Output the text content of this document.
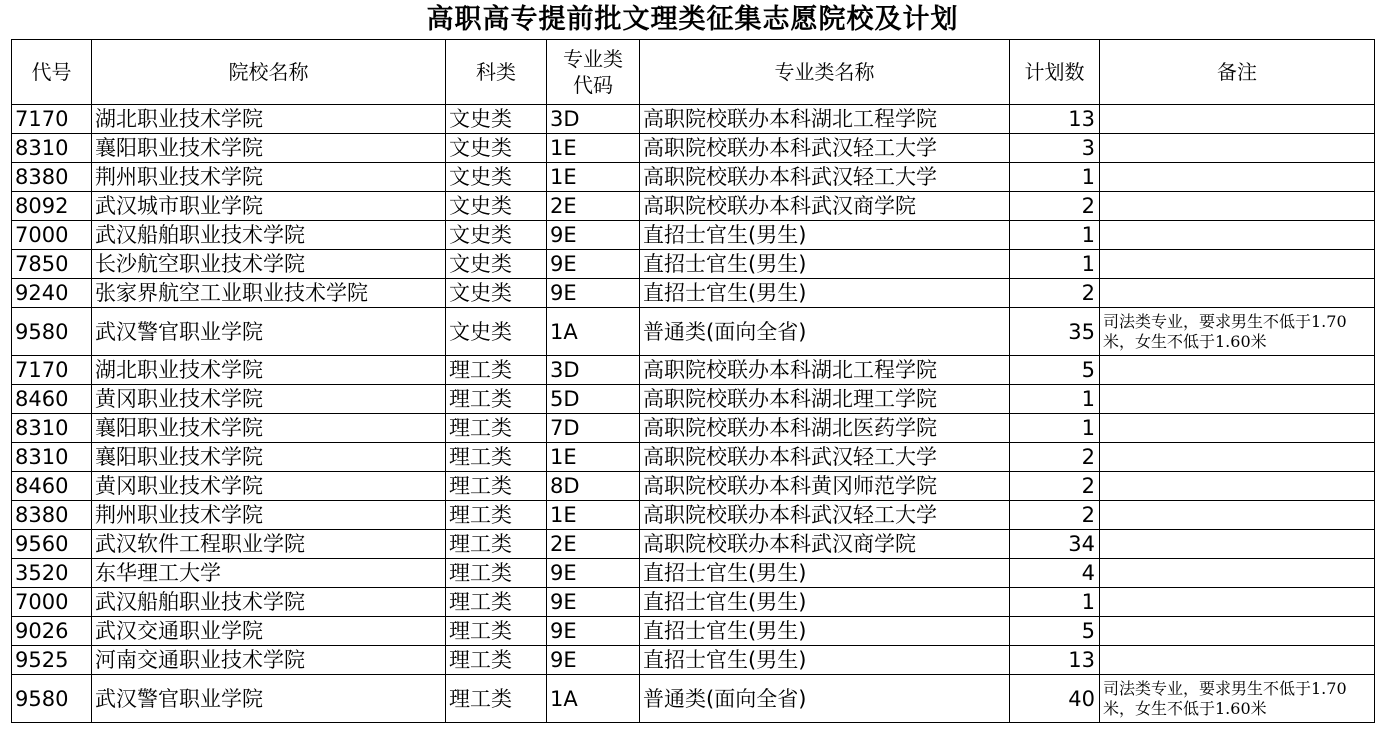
高职高专提前批文理类征集志愿院校及计划
代号	院校名称	科类	专业类代码	专业类名称	计划数	备注
7170	湖北职业技术学院	文史类	3D	高职院校联办本科湖北工程学院	13	
8310	襄阳职业技术学院	文史类	1E	高职院校联办本科武汉轻工大学	3	
8380	荆州职业技术学院	文史类	1E	高职院校联办本科武汉轻工大学	1	
8092	武汉城市职业学院	文史类	2E	高职院校联办本科武汉商学院	2	
7000	武汉船舶职业技术学院	文史类	9E	直招士官生(男生)	1	
7850	长沙航空职业技术学院	文史类	9E	直招士官生(男生)	1	
9240	张家界航空工业职业技术学院	文史类	9E	直招士官生(男生)	2	
9580	武汉警官职业学院	文史类	1A	普通类(面向全省)	35	司法类专业，要求男生不低于1.70米，女生不低于1.60米
7170	湖北职业技术学院	理工类	3D	高职院校联办本科湖北工程学院	5	
8460	黄冈职业技术学院	理工类	5D	高职院校联办本科湖北理工学院	1	
8310	襄阳职业技术学院	理工类	7D	高职院校联办本科湖北医药学院	1	
8310	襄阳职业技术学院	理工类	1E	高职院校联办本科武汉轻工大学	2	
8460	黄冈职业技术学院	理工类	8D	高职院校联办本科黄冈师范学院	2	
8380	荆州职业技术学院	理工类	1E	高职院校联办本科武汉轻工大学	2	
9560	武汉软件工程职业学院	理工类	2E	高职院校联办本科武汉商学院	34	
3520	东华理工大学	理工类	9E	直招士官生(男生)	4	
7000	武汉船舶职业技术学院	理工类	9E	直招士官生(男生)	1	
9026	武汉交通职业学院	理工类	9E	直招士官生(男生)	5	
9525	河南交通职业技术学院	理工类	9E	直招士官生(男生)	13	
9580	武汉警官职业学院	理工类	1A	普通类(面向全省)	40	司法类专业，要求男生不低于1.70米，女生不低于1.60米
